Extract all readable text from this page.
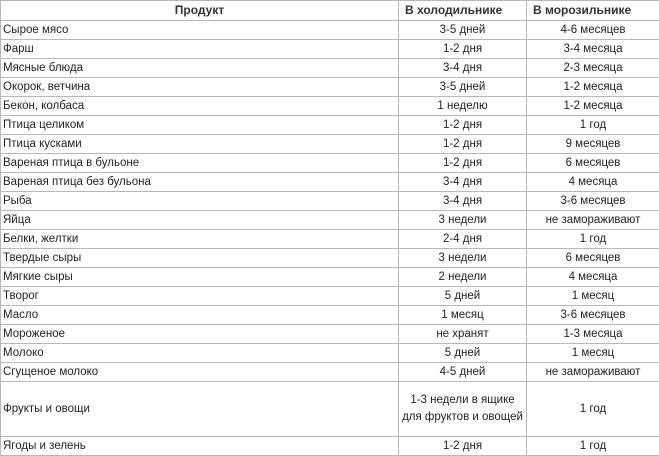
Продукт	В холодильнике	В морозильнике
Сырое мясо	3-5 дней	4-6 месяцев
Фарш	1-2 дня	3-4 месяца
Мясные блюда	3-4 дня	2-3 месяца
Окорок, ветчина	3-5 дней	1-2 месяца
Бекон, колбаса	1 неделю	1-2 месяца
Птица целиком	1-2 дня	1 год
Птица кусками	1-2 дня	9 месяцев
Вареная птица в бульоне	1-2 дня	6 месяцев
Вареная птица без бульона	3-4 дня	4 месяца
Рыба	3-4 дня	3-6 месяцев
Яйца	3 недели	не замораживают
Белки, желтки	2-4 дня	1 год
Твердые сыры	3 недели	6 месяцев
Мягкие сыры	2 недели	4 месяца
Творог	5 дней	1 месяц
Масло	1 месяц	3-6 месяцев
Мороженое	не хранят	1-3 месяца
Молоко	5 дней	1 месяц
Сгущеное молоко	4-5 дней	не замораживают
Фрукты и овощи	1-3 недели в ящике для фруктов и овощей	1 год
Ягоды и зелень	1-2 дня	1 год
